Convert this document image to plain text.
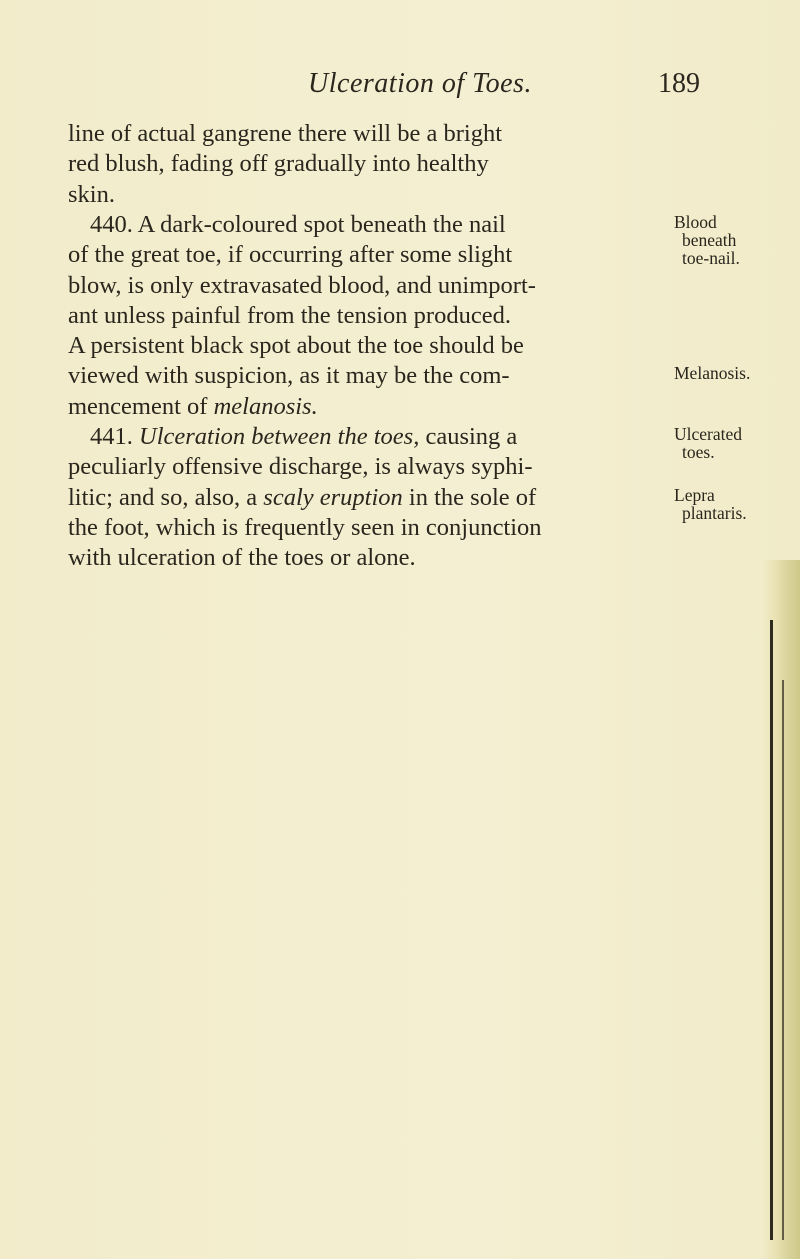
Ulceration of Toes.	189
line of actual gangrene there will be a bright
red blush, fading off gradually into healthy
skin.
440. A dark-coloured spot beneath the nail
of the great toe, if occurring after some slight
blow, is only extravasated blood, and unimport-
ant unless painful from the tension produced.
A persistent black spot about the toe should be
viewed with suspicion, as it may be the com-
mencement of melanosis.
441. Ulceration between the toes, causing a
peculiarly offensive discharge, is always syphi-
litic; and so, also, a scaly eruption in the sole of
the foot, which is frequently seen in conjunction
with ulceration of the toes or alone.
Blood
beneath
toe-nail.
Melanosis.
Ulcerated
toes.
Lepra
plantaris.
